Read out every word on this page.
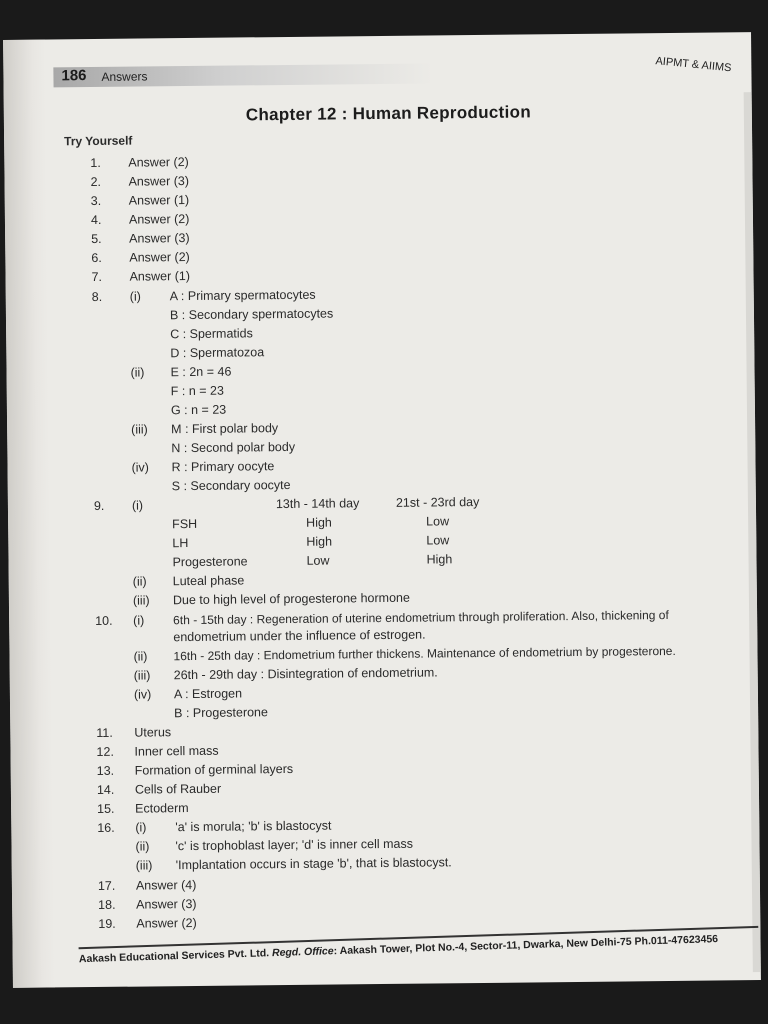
186 Answers
AIPMT & AIIMS
Chapter 12 : Human Reproduction
Try Yourself
1. Answer (2)
2. Answer (3)
3. Answer (1)
4. Answer (2)
5. Answer (3)
6. Answer (2)
7. Answer (1)
8. (i) A : Primary spermatocytes
B : Secondary spermatocytes
C : Spermatids
D : Spermatozoa
(ii) E : 2n = 46
F : n = 23
G : n = 23
(iii) M : First polar body
N : Second polar body
(iv) R : Primary oocyte
S : Secondary oocyte
9. (i)	13th - 14th day	21st - 23rd day
FSH	High	Low
LH	High	Low
Progesterone	Low	High
(ii) Luteal phase
(iii) Due to high level of progesterone hormone
10. (i) 6th - 15th day : Regeneration of uterine endometrium through proliferation. Also, thickening of
endometrium under the influence of estrogen.
(ii) 16th - 25th day : Endometrium further thickens. Maintenance of endometrium by progesterone.
(iii) 26th - 29th day : Disintegration of endometrium.
(iv) A : Estrogen
B : Progesterone
11. Uterus
12. Inner cell mass
13. Formation of germinal layers
14. Cells of Rauber
15. Ectoderm
16. (i) 'a' is morula; 'b' is blastocyst
(ii) 'c' is trophoblast layer; 'd' is inner cell mass
(iii) 'Implantation occurs in stage 'b', that is blastocyst.
17. Answer (4)
18. Answer (3)
19. Answer (2)
Aakash Educational Services Pvt. Ltd. Regd. Office: Aakash Tower, Plot No.-4, Sector-11, Dwarka, New Delhi-75 Ph.011-47623456
